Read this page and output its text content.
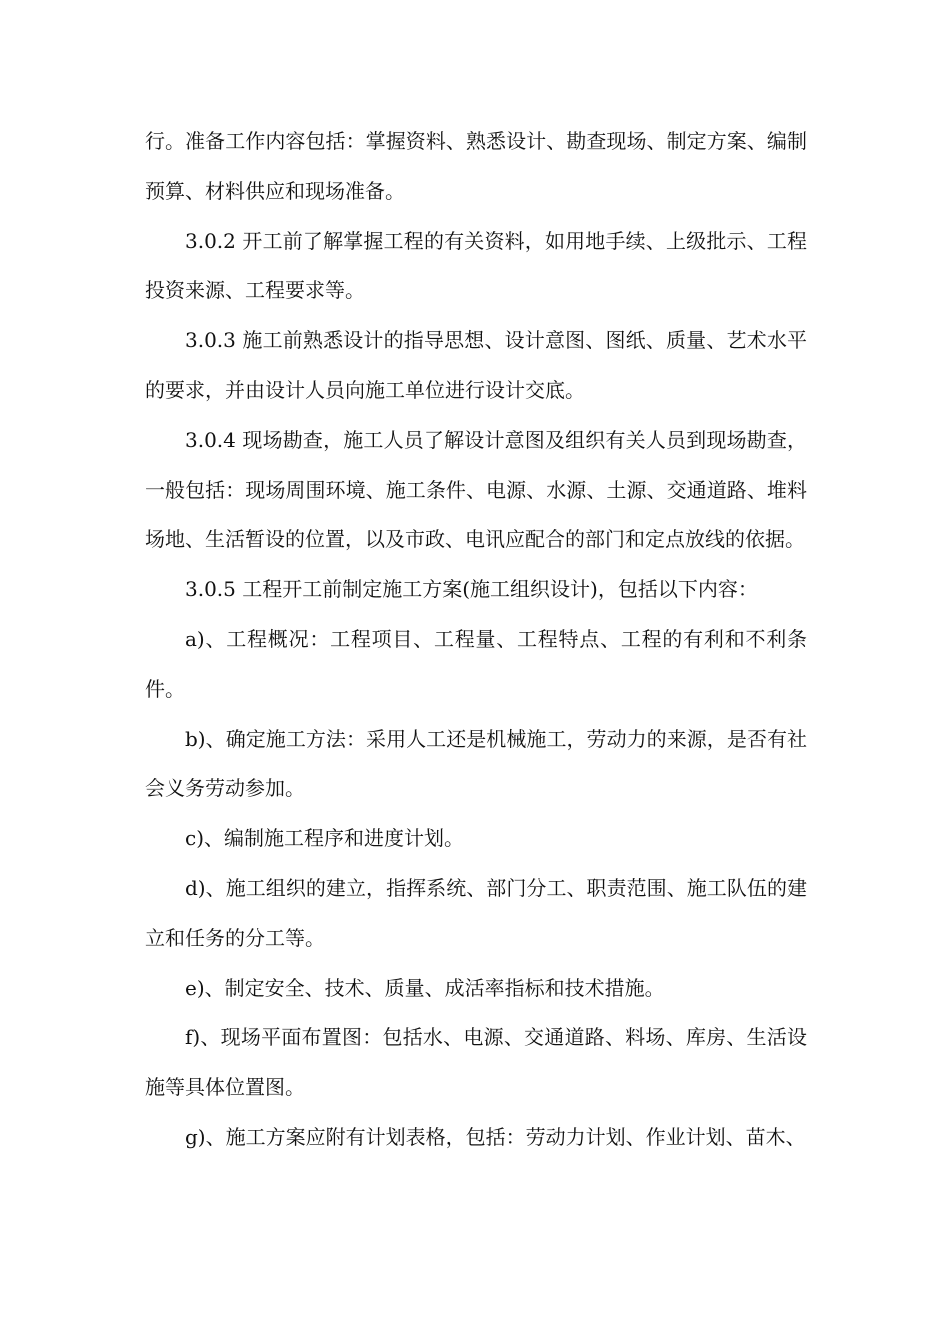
行。准备工作内容包括：掌握资料、熟悉设计、勘查现场、制定方案、编制预算、材料供应和现场准备。

3.0.2 开工前了解掌握工程的有关资料，如用地手续、上级批示、工程投资来源、工程要求等。

3.0.3 施工前熟悉设计的指导思想、设计意图、图纸、质量、艺术水平的要求，并由设计人员向施工单位进行设计交底。

3.0.4 现场勘查，施工人员了解设计意图及组织有关人员到现场勘查，一般包括：现场周围环境、施工条件、电源、水源、土源、交通道路、堆料场地、生活暂设的位置，以及市政、电讯应配合的部门和定点放线的依据。

3.0.5 工程开工前制定施工方案(施工组织设计)，包括以下内容：

a)、工程概况：工程项目、工程量、工程特点、工程的有利和不利条件。

b)、确定施工方法：采用人工还是机械施工，劳动力的来源，是否有社会义务劳动参加。

c)、编制施工程序和进度计划。

d)、施工组织的建立，指挥系统、部门分工、职责范围、施工队伍的建立和任务的分工等。

e)、制定安全、技术、质量、成活率指标和技术措施。

f)、现场平面布置图：包括水、电源、交通道路、料场、库房、生活设施等具体位置图。

g)、施工方案应附有计划表格，包括：劳动力计划、作业计划、苗木、
